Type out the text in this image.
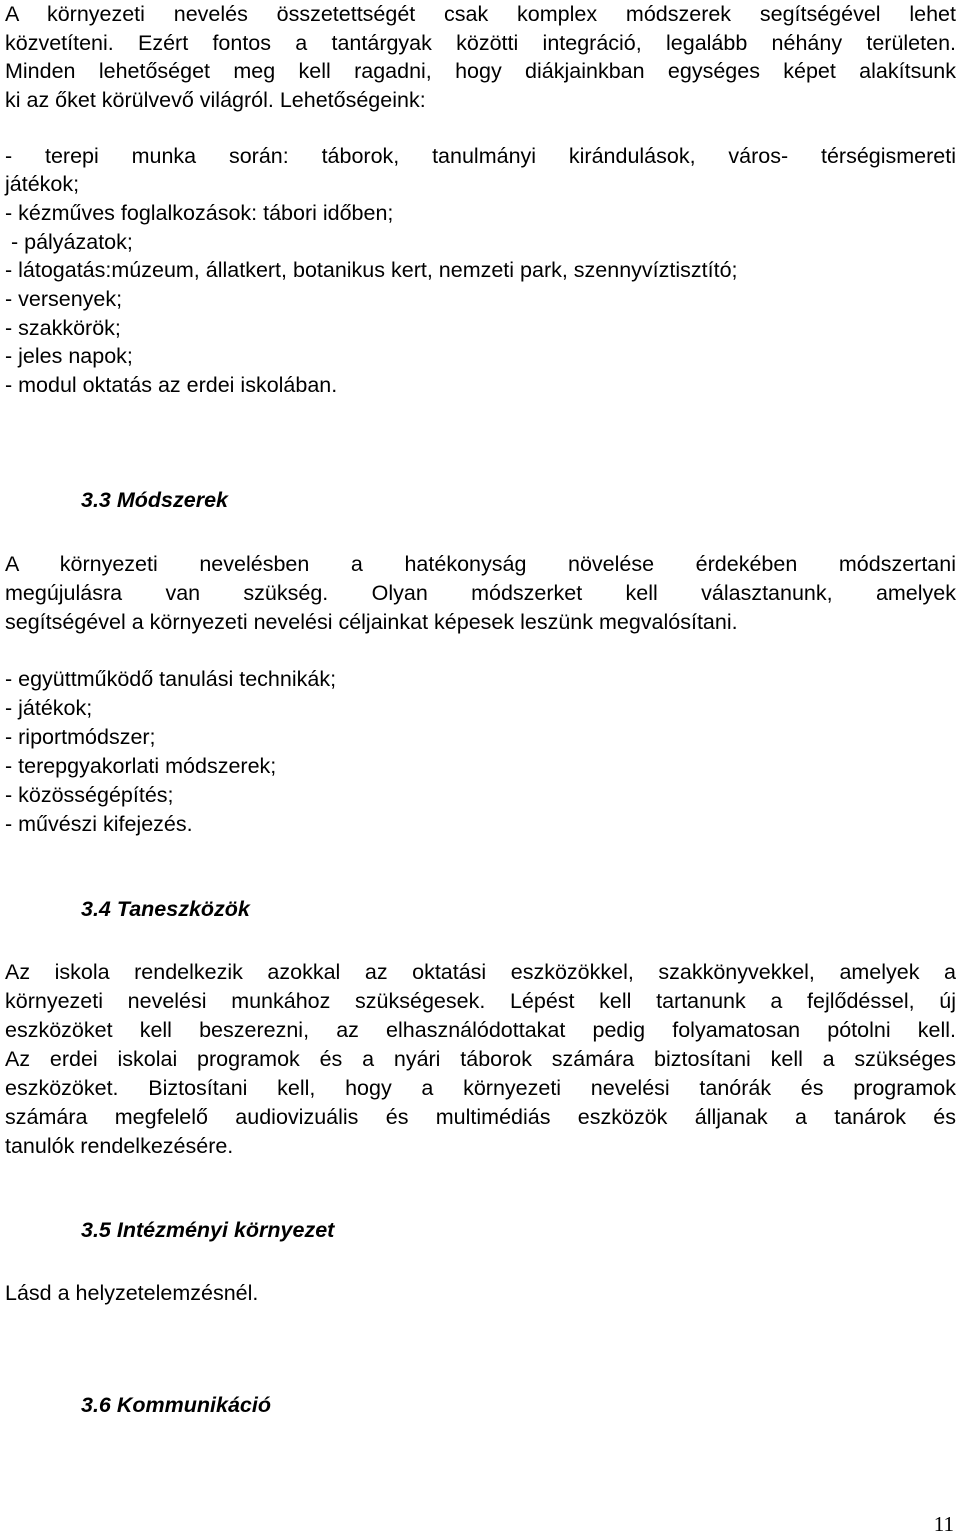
A környezeti nevelés összetettségét csak komplex módszerek segítségével lehet
közvetíteni. Ezért fontos a tantárgyak közötti integráció, legalább néhány területen.
Minden lehetőséget meg kell ragadni, hogy diákjainkban egységes képet alakítsunk
ki az őket körülvevő világról. Lehetőségeink:
- terepi munka során: táborok, tanulmányi kirándulások, város- térségismereti
játékok;
- kézműves foglalkozások: tábori időben;
- pályázatok;
- látogatás:múzeum, állatkert, botanikus kert, nemzeti park, szennyvíztisztító;
- versenyek;
- szakkörök;
- jeles napok;
- modul oktatás az erdei iskolában.
3.3 Módszerek
A környezeti nevelésben a hatékonyság növelése érdekében módszertani
megújulásra van szükség. Olyan módszerket kell választanunk, amelyek
segítségével a környezeti nevelési céljainkat képesek leszünk megvalósítani.
- együttműködő tanulási technikák;
- játékok;
- riportmódszer;
- terepgyakorlati módszerek;
- közösségépítés;
- művészi kifejezés.
3.4 Taneszközök
Az iskola rendelkezik azokkal az oktatási eszközökkel, szakkönyvekkel, amelyek a
környezeti nevelési munkához szükségesek. Lépést kell tartanunk a fejlődéssel, új
eszközöket kell beszerezni, az elhasználódottakat pedig folyamatosan pótolni kell.
Az erdei iskolai programok és a nyári táborok számára biztosítani kell a szükséges
eszközöket. Biztosítani kell, hogy a környezeti nevelési tanórák és programok
számára megfelelő audiovizuális és multimédiás eszközök álljanak a tanárok és
tanulók rendelkezésére.
3.5 Intézményi környezet
Lásd a helyzetelemzésnél.
3.6 Kommunikáció
11
